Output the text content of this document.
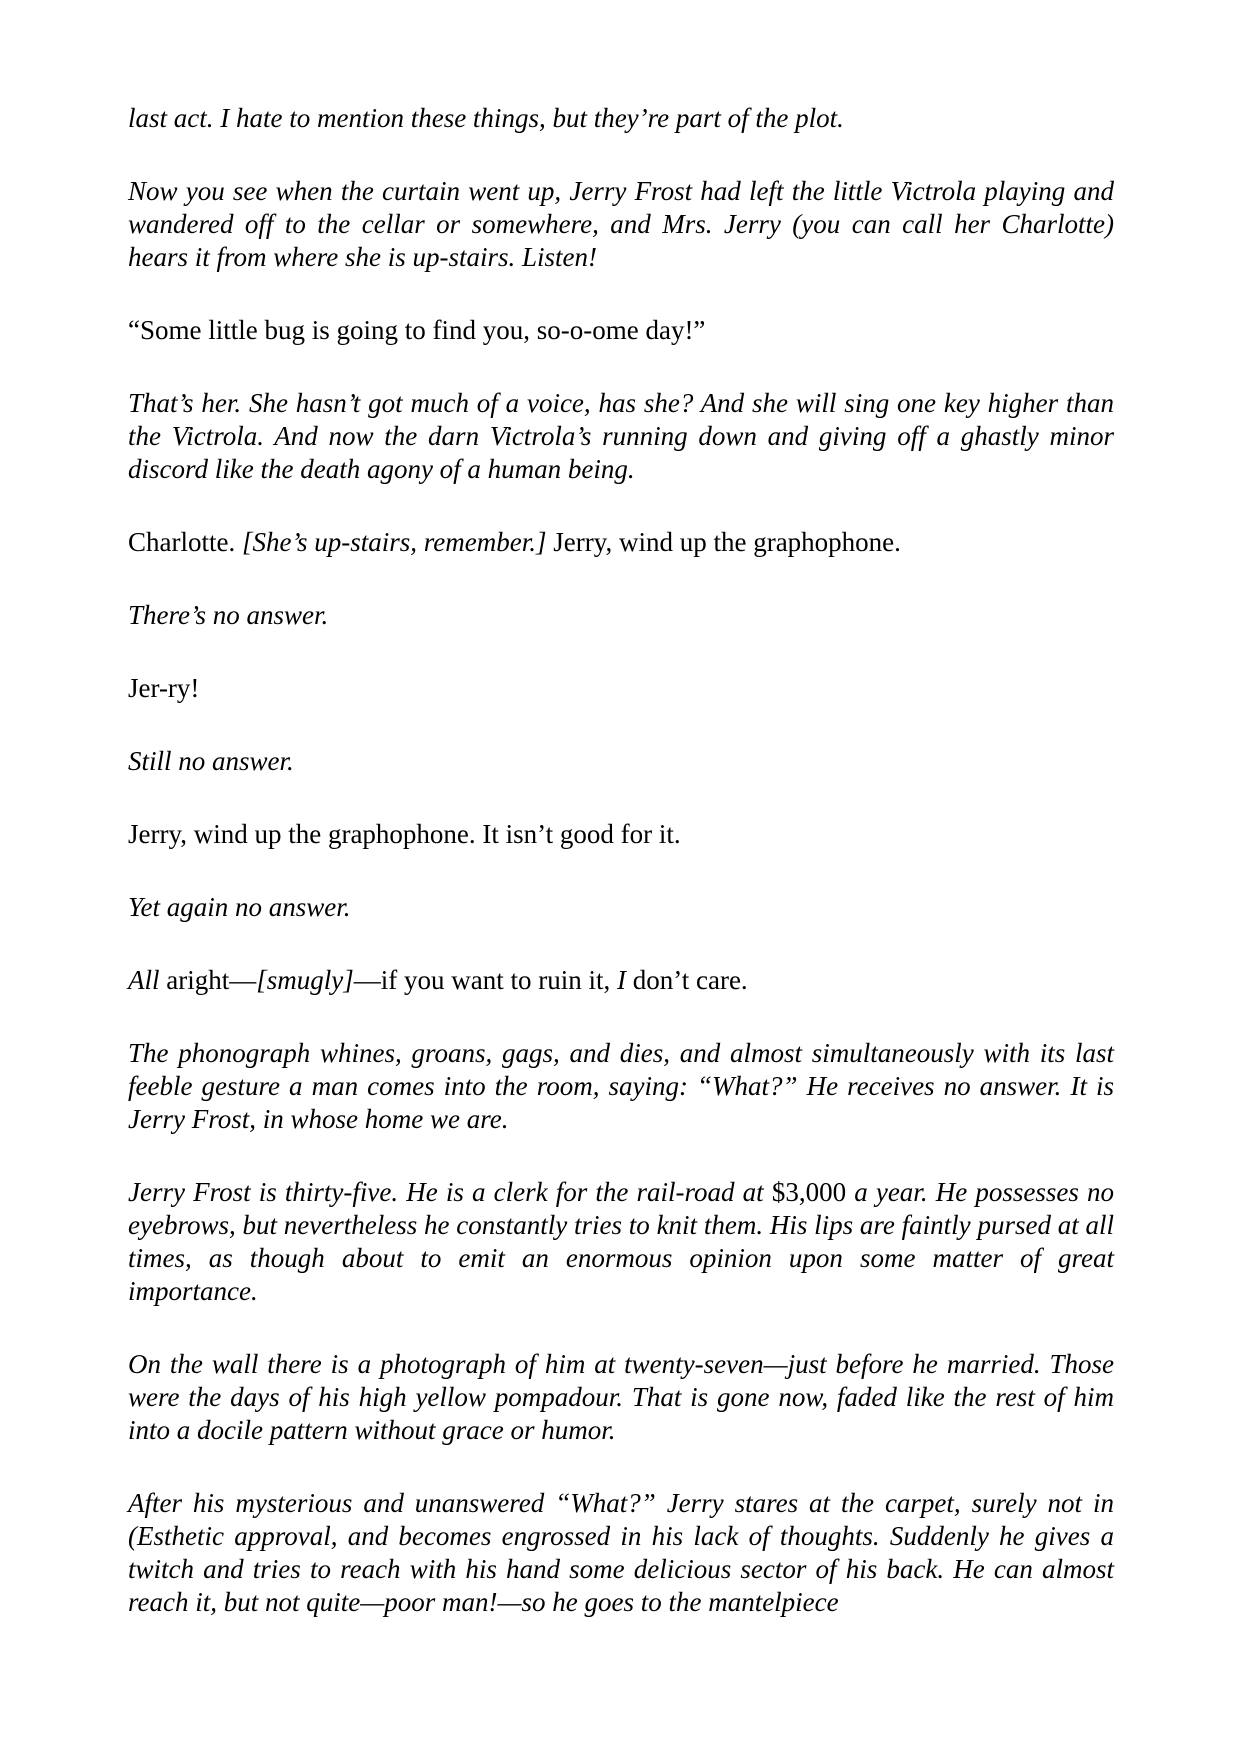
last act. I hate to mention these things, but they’re part of the plot.

Now you see when the curtain went up, Jerry Frost had left the little Victrola playing and wandered off to the cellar or somewhere, and Mrs. Jerry (you can call her Charlotte) hears it from where she is up-stairs. Listen!

“Some little bug is going to find you, so-o-ome day!”

That’s her. She hasn’t got much of a voice, has she? And she will sing one key higher than the Victrola. And now the darn Victrola’s running down and giving off a ghastly minor discord like the death agony of a human being.

Charlotte. [She’s up-stairs, remember.] Jerry, wind up the graphophone.

There’s no answer.

Jer-ry!

Still no answer.

Jerry, wind up the graphophone. It isn’t good for it.

Yet again no answer.

All aright—[smugly]—if you want to ruin it, I don’t care.

The phonograph whines, groans, gags, and dies, and almost simultaneously with its last feeble gesture a man comes into the room, saying: “What?” He receives no answer. It is Jerry Frost, in whose home we are.

Jerry Frost is thirty-five. He is a clerk for the rail-road at $3,000 a year. He possesses no eyebrows, but nevertheless he constantly tries to knit them. His lips are faintly pursed at all times, as though about to emit an enormous opinion upon some matter of great importance.

On the wall there is a photograph of him at twenty-seven—just before he married. Those were the days of his high yellow pompadour. That is gone now, faded like the rest of him into a docile pattern without grace or humor.

After his mysterious and unanswered “What?” Jerry stares at the carpet, surely not in (Esthetic approval, and becomes engrossed in his lack of thoughts. Suddenly he gives a twitch and tries to reach with his hand some delicious sector of his back. He can almost reach it, but not quite—poor man!—so he goes to the mantelpiece
